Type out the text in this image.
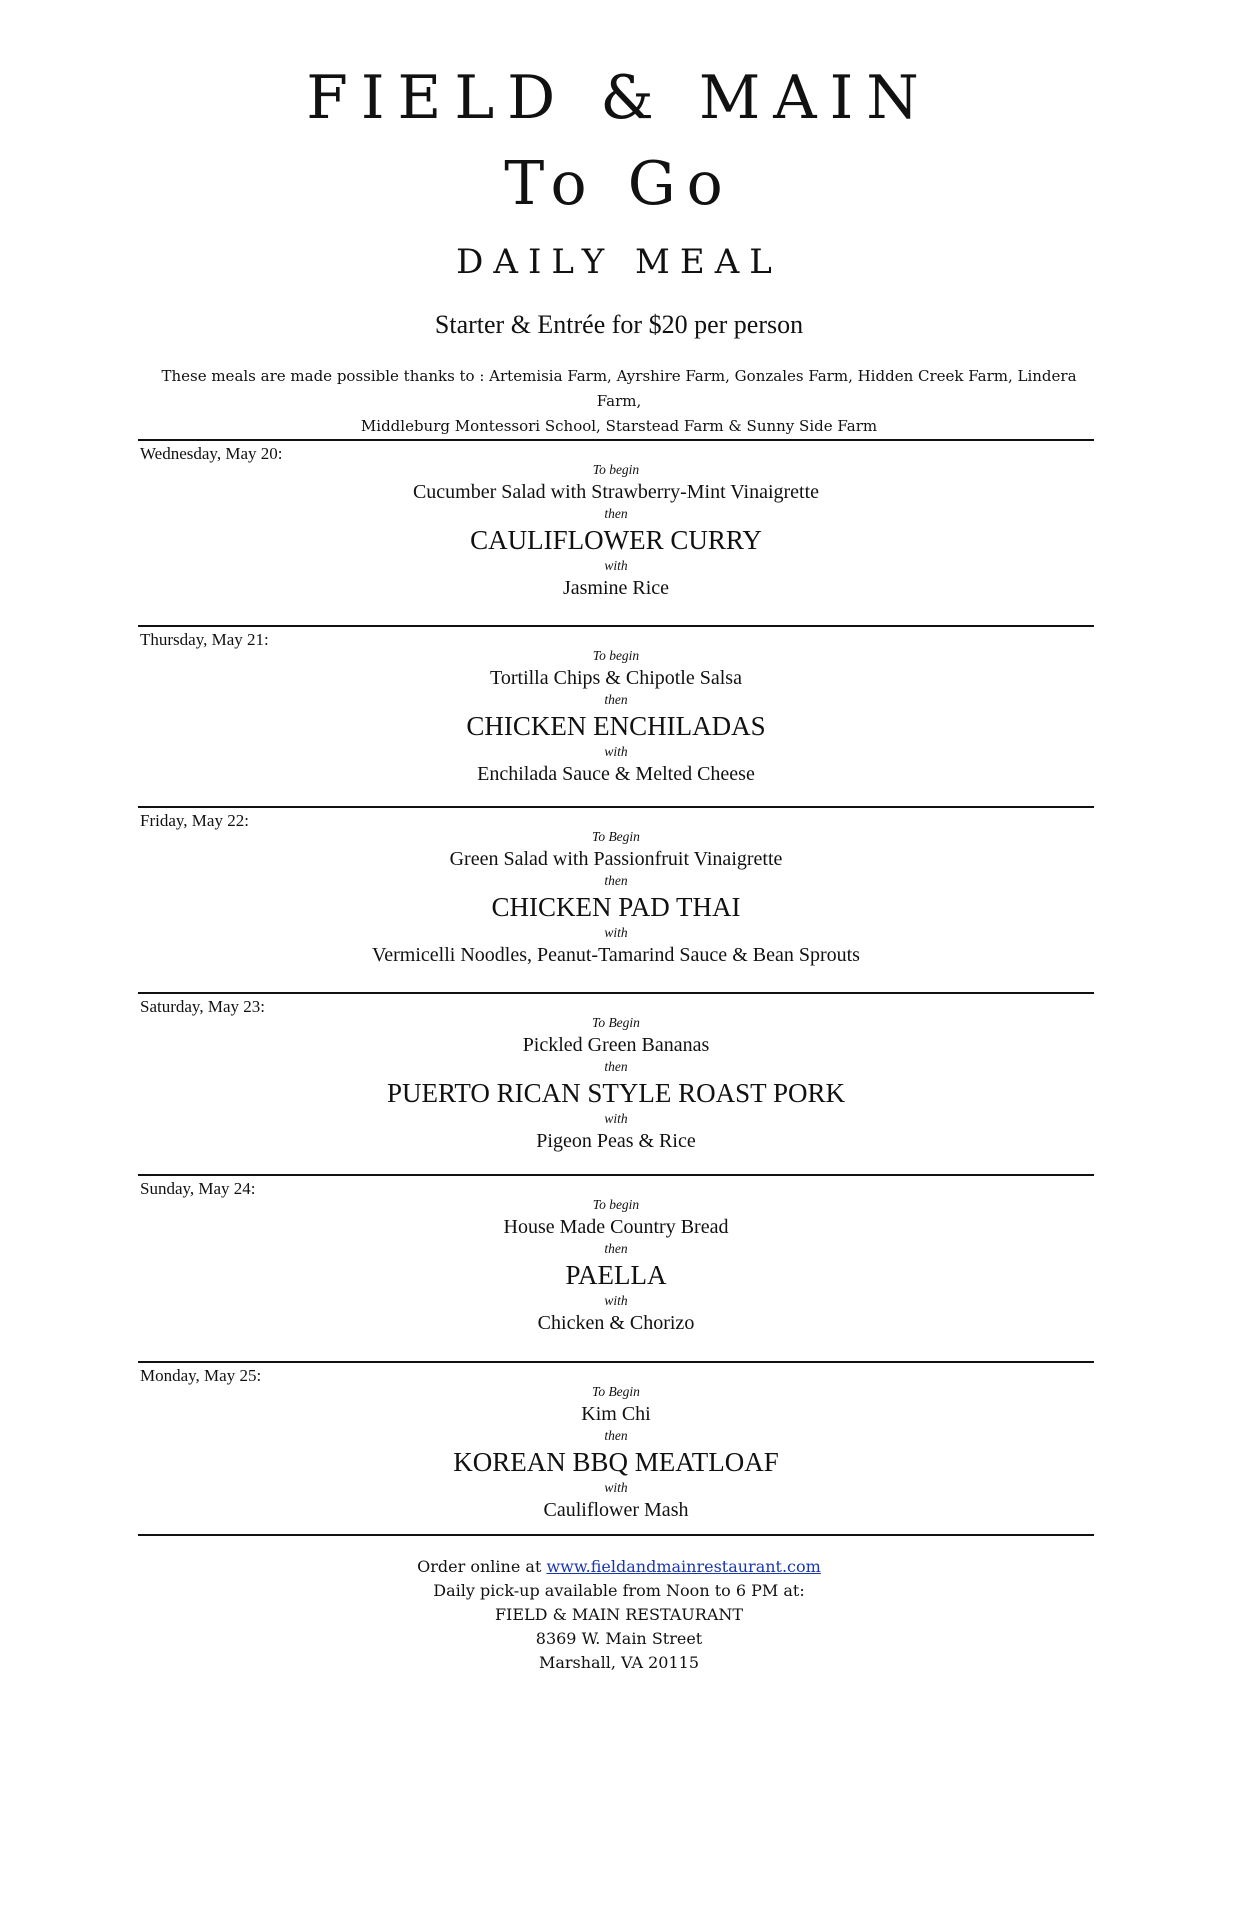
FIELD & MAIN
To Go
DAILY MEAL
Starter & Entrée for $20 per person
These meals are made possible thanks to : Artemisia Farm, Ayrshire Farm, Gonzales Farm, Hidden Creek Farm, Lindera Farm,
Middleburg Montessori School, Starstead Farm & Sunny Side Farm
Wednesday, May 20:
To begin
Cucumber Salad with Strawberry-Mint Vinaigrette
then
CAULIFLOWER CURRY
with
Jasmine Rice
Thursday, May 21:
To begin
Tortilla Chips & Chipotle Salsa
then
CHICKEN ENCHILADAS
with
Enchilada Sauce & Melted Cheese
Friday, May 22:
To Begin
Green Salad with Passionfruit Vinaigrette
then
CHICKEN PAD THAI
with
Vermicelli Noodles, Peanut-Tamarind Sauce & Bean Sprouts
Saturday, May 23:
To Begin
Pickled Green Bananas
then
PUERTO RICAN STYLE ROAST PORK
with
Pigeon Peas & Rice
Sunday, May 24:
To begin
House Made Country Bread
then
PAELLA
with
Chicken & Chorizo
Monday, May 25:
To Begin
Kim Chi
then
KOREAN BBQ MEATLOAF
with
Cauliflower Mash
Order online at www.fieldandmainrestaurant.com
Daily pick-up available from Noon to 6 PM at:
FIELD & MAIN RESTAURANT
8369 W. Main Street
Marshall, VA 20115
